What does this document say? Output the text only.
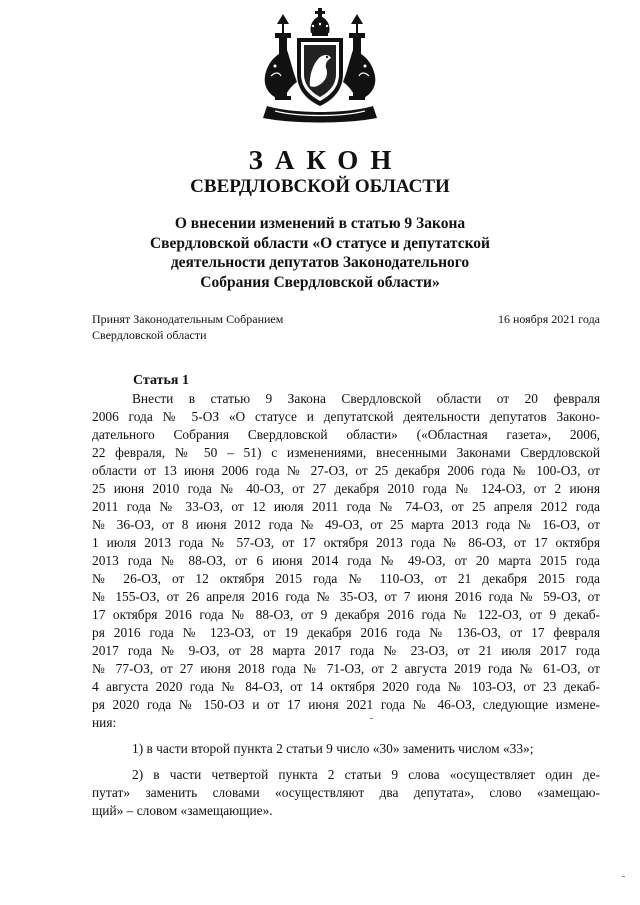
ЗАКОН
СВЕРДЛОВСКОЙ ОБЛАСТИ
О внесении изменений в статью 9 Закона
Свердловской области «О статусе и депутатской
деятельности депутатов Законодательного
Собрания Свердловской области»
Принят Законодательным Собранием
Свердловской области
16 ноября 2021 года
Статья 1
Внести в статью 9 Закона Свердловской области от 20 февраля
2006 года № 5-ОЗ «О статусе и депутатской деятельности депутатов Законо-
дательного Собрания Свердловской области» («Областная газета», 2006,
22 февраля, № 50 – 51) с изменениями, внесенными Законами Свердловской
области от 13 июня 2006 года № 27-ОЗ, от 25 декабря 2006 года № 100-ОЗ, от
25 июня 2010 года № 40-ОЗ, от 27 декабря 2010 года № 124-ОЗ, от 2 июня
2011 года № 33-ОЗ, от 12 июля 2011 года № 74-ОЗ, от 25 апреля 2012 года
№ 36-ОЗ, от 8 июня 2012 года № 49-ОЗ, от 25 марта 2013 года № 16-ОЗ, от
1 июля 2013 года № 57-ОЗ, от 17 октября 2013 года № 86-ОЗ, от 17 октября
2013 года № 88-ОЗ, от 6 июня 2014 года № 49-ОЗ, от 20 марта 2015 года
№ 26-ОЗ, от 12 октября 2015 года № 110-ОЗ, от 21 декабря 2015 года
№ 155-ОЗ, от 26 апреля 2016 года № 35-ОЗ, от 7 июня 2016 года № 59-ОЗ, от
17 октября 2016 года № 88-ОЗ, от 9 декабря 2016 года № 122-ОЗ, от 9 декаб-
ря 2016 года № 123-ОЗ, от 19 декабря 2016 года № 136-ОЗ, от 17 февраля
2017 года № 9-ОЗ, от 28 марта 2017 года № 23-ОЗ, от 21 июля 2017 года
№ 77-ОЗ, от 27 июня 2018 года № 71-ОЗ, от 2 августа 2019 года № 61-ОЗ, от
4 августа 2020 года № 84-ОЗ, от 14 октября 2020 года № 103-ОЗ, от 23 декаб-
ря 2020 года № 150-ОЗ и от 17 июня 2021 года № 46-ОЗ, следующие измене-
ния:
1) в части второй пункта 2 статьи 9 число «30» заменить числом «33»;
2) в части четвертой пункта 2 статьи 9 слова «осуществляет один де-
путат» заменить словами «осуществляют два депутата», слово «замещаю-
щий» – словом «замещающие».
